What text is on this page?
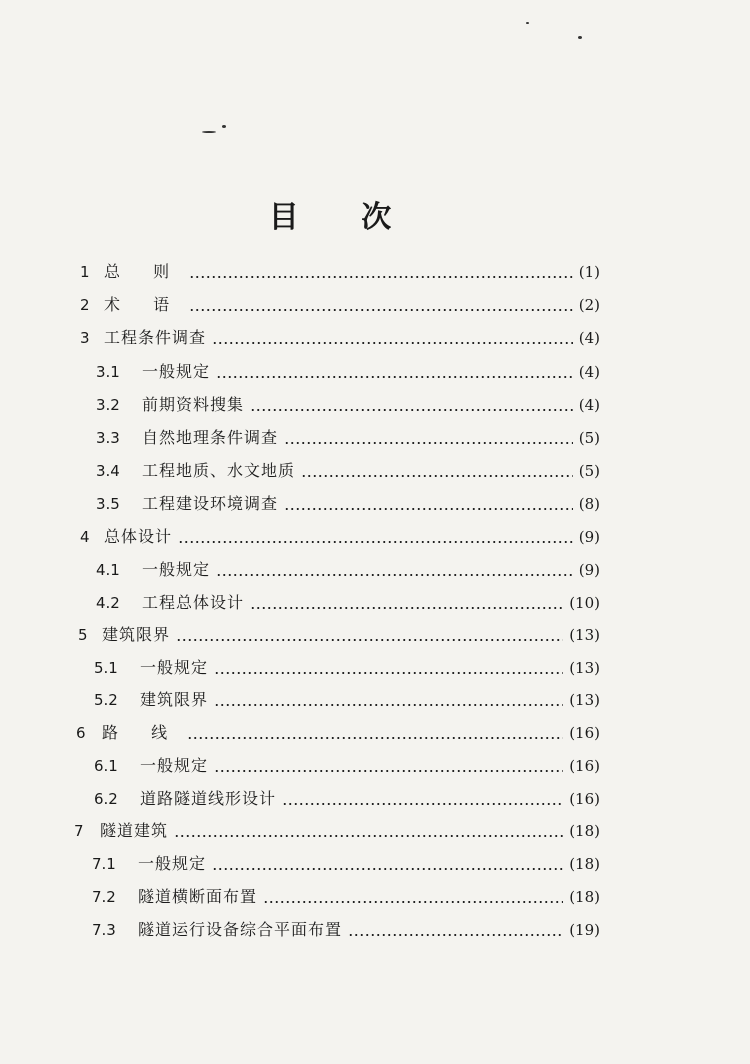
目 次
1 总 则	(1)
2 术 语	(2)
3 工程条件调查	(4)
3.1	一般规定	(4)
3.2	前期资料搜集	(4)
3.3	自然地理条件调查	(5)
3.4	工程地质、水文地质	(5)
3.5	工程建设环境调查	(8)
4 总体设计	(9)
4.1	一般规定	(9)
4.2	工程总体设计	(10)
5 建筑限界	(13)
5.1	一般规定	(13)
5.2	建筑限界	(13)
6	路 线	(16)
6.1	一般规定	(16)
6.2	道路隧道线形设计	(16)
7	隧道建筑	(18)
7.1	一般规定	(18)
7.2	隧道横断面布置	(18)
7.3	隧道运行设备综合平面布置	(19)
